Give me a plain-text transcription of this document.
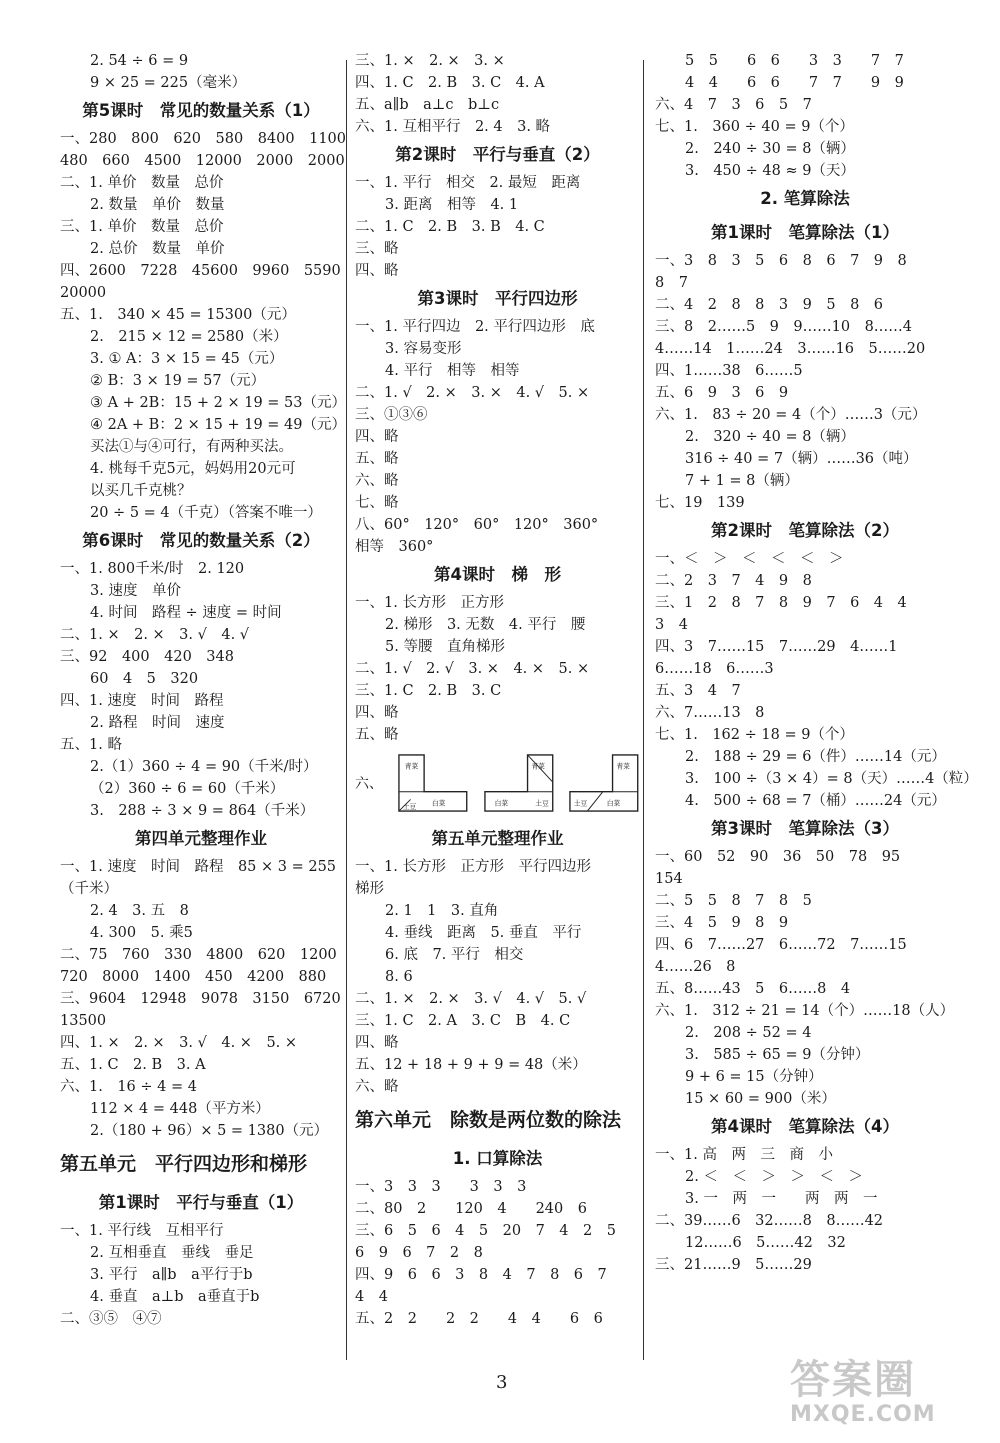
2. 54 ÷ 6 = 9
9 × 25 = 225（毫米）
第5课时　常见的数量关系（1）
一、280　800　620　580　8400　1100
480　660　4500　12000　2000　2000
二、1. 单价　数量　总价
2. 数量　单价　数量
三、1. 单价　数量　总价
2. 总价　数量　单价
四、2600　7228　45600　9960　5590
20000
五、1.　340 × 45 = 15300（元）
2.　215 × 12 = 2580（米）
3. ① A：3 × 15 = 45（元）
② B：3 × 19 = 57（元）
③ A + 2B：15 + 2 × 19 = 53（元）
④ 2A + B：2 × 15 + 19 = 49（元）
买法①与④可行，有两种买法。
4. 桃每千克5元，妈妈用20元可
以买几千克桃？
20 ÷ 5 = 4（千克）（答案不唯一）
第6课时　常见的数量关系（2）
一、1. 800千米/时　2. 120
3. 速度　单价
4. 时间　路程 ÷ 速度 = 时间
二、1. ×　2. ×　3. √　4. √
三、92　400　420　348
60　4　5　320
四、1. 速度　时间　路程
2. 路程　时间　速度
五、1. 略
2.（1）360 ÷ 4 = 90（千米/时）
（2）360 ÷ 6 = 60（千米）
3.　288 ÷ 3 × 9 = 864（千米）
第四单元整理作业
一、1. 速度　时间　路程　85 × 3 = 255
（千米）
2. 4　3. 五　8
4. 300　5. 乘5
二、75　760　330　4800　620　1200
720　8000　1400　450　4200　880
三、9604　12948　9078　3150　6720
13500
四、1. ×　2. ×　3. √　4. ×　5. ×
五、1. C　2. B　3. A
六、1.　16 ÷ 4 = 4
112 × 4 = 448（平方米）
2.（180 + 96）× 5 = 1380（元）
第五单元　平行四边形和梯形
第1课时　平行与垂直（1）
一、1. 平行线　互相平行
2. 互相垂直　垂线　垂足
3. 平行　a∥b　a平行于b
4. 垂直　a⊥b　a垂直于b
二、③⑤　④⑦
三、1. ×　2. ×　3. ×
四、1. C　2. B　3. C　4. A
五、a∥b　a⊥c　b⊥c
六、1. 互相平行　2. 4　3. 略
第2课时　平行与垂直（2）
一、1. 平行　相交　2. 最短　距离
3. 距离　相等　4. 1
二、1. C　2. B　3. B　4. C
三、略
四、略
第3课时　平行四边形
一、1. 平行四边　2. 平行四边形　底
3. 容易变形
4. 平行　相等　相等
二、1. √　2. ×　3. ×　4. √　5. ×
三、①③⑥
四、略
五、略
六、略
七、略
八、60°　120°　60°　120°　360°
相等　360°
第4课时　梯　形
一、1. 长方形　正方形
2. 梯形　3. 无数　4. 平行　腰
5. 等腰　直角梯形
二、1. √　2. √　3. ×　4. ×　5. ×
三、1. C　2. B　3. C
四、略
五、略
六、
青菜
白菜
土豆
青菜
白菜	土豆
青菜
白菜
土豆
第五单元整理作业
一、1. 长方形　正方形　平行四边形
梯形
2. 1　1　3. 直角
4. 垂线　距离　5. 垂直　平行
6. 底　7. 平行　相交
8. 6
二、1. ×　2. ×　3. √　4. √　5. √
三、1. C　2. A　3. C　B　4. C
四、略
五、12 + 18 + 9 + 9 = 48（米）
六、略
第六单元　除数是两位数的除法
1. 口算除法
一、3　3　3　　3　3　3
二、80　2　　120　4　　240　6
三、6　5　6　4　5　20　7　4　2　5
6　9　6　7　2　8
四、9　6　6　3　8　4　7　8　6　7
4　4
五、2　2　　2　2　　4　4　　6　6
5　5　　6　6　　3　3　　7　7
4　4　　6　6　　7　7　　9　9
六、4　7　3　6　5　7
七、1.　360 ÷ 40 = 9（个）
2.　240 ÷ 30 = 8（辆）
3.　450 ÷ 48 ≈ 9（天）
2. 笔算除法
第1课时　笔算除法（1）
一、3　8　3　5　6　8　6　7　9　8
8　7
二、4　2　8　8　3　9　5　8　6
三、8　2……5　9　9……10　8……4
4……14　1……24　3……16　5……20
四、1……38　6……5
五、6　9　3　6　9
六、1.　83 ÷ 20 = 4（个）……3（元）
2.　320 ÷ 40 = 8（辆）
316 ÷ 40 = 7（辆）……36（吨）
7 + 1 = 8（辆）
七、19　139
第2课时　笔算除法（2）
一、＜　＞　＜　＜　＜　＞
二、2　3　7　4　9　8
三、1　2　8　7　8　9　7　6　4　4
3　4
四、3　7……15　7……29　4……1
6……18　6……3
五、3　4　7
六、7……13　8
七、1.　162 ÷ 18 = 9（个）
2.　188 ÷ 29 = 6（件）……14（元）
3.　100 ÷（3 × 4）= 8（天）……4（粒）
4.　500 ÷ 68 = 7（桶）……24（元）
第3课时　笔算除法（3）
一、60　52　90　36　50　78　95
154
二、5　5　8　7　8　5
三、4　5　9　8　9
四、6　7……27　6……72　7……15
4……26　8
五、8……43　5　6……8　4
六、1.　312 ÷ 21 = 14（个）……18（人）
2.　208 ÷ 52 = 4
3.　585 ÷ 65 = 9（分钟）
9 + 6 = 15（分钟）
15 × 60 = 900（米）
第4课时　笔算除法（4）
一、1. 高　两　三　商　小
2. ＜　＜　＞　＞　＜　＞
3. 一　两　一　　两　两　一
二、39……6　32……8　8……42
12……6　5……42　32
三、21……9　5……29
3	答案圈
MXQE.COM
